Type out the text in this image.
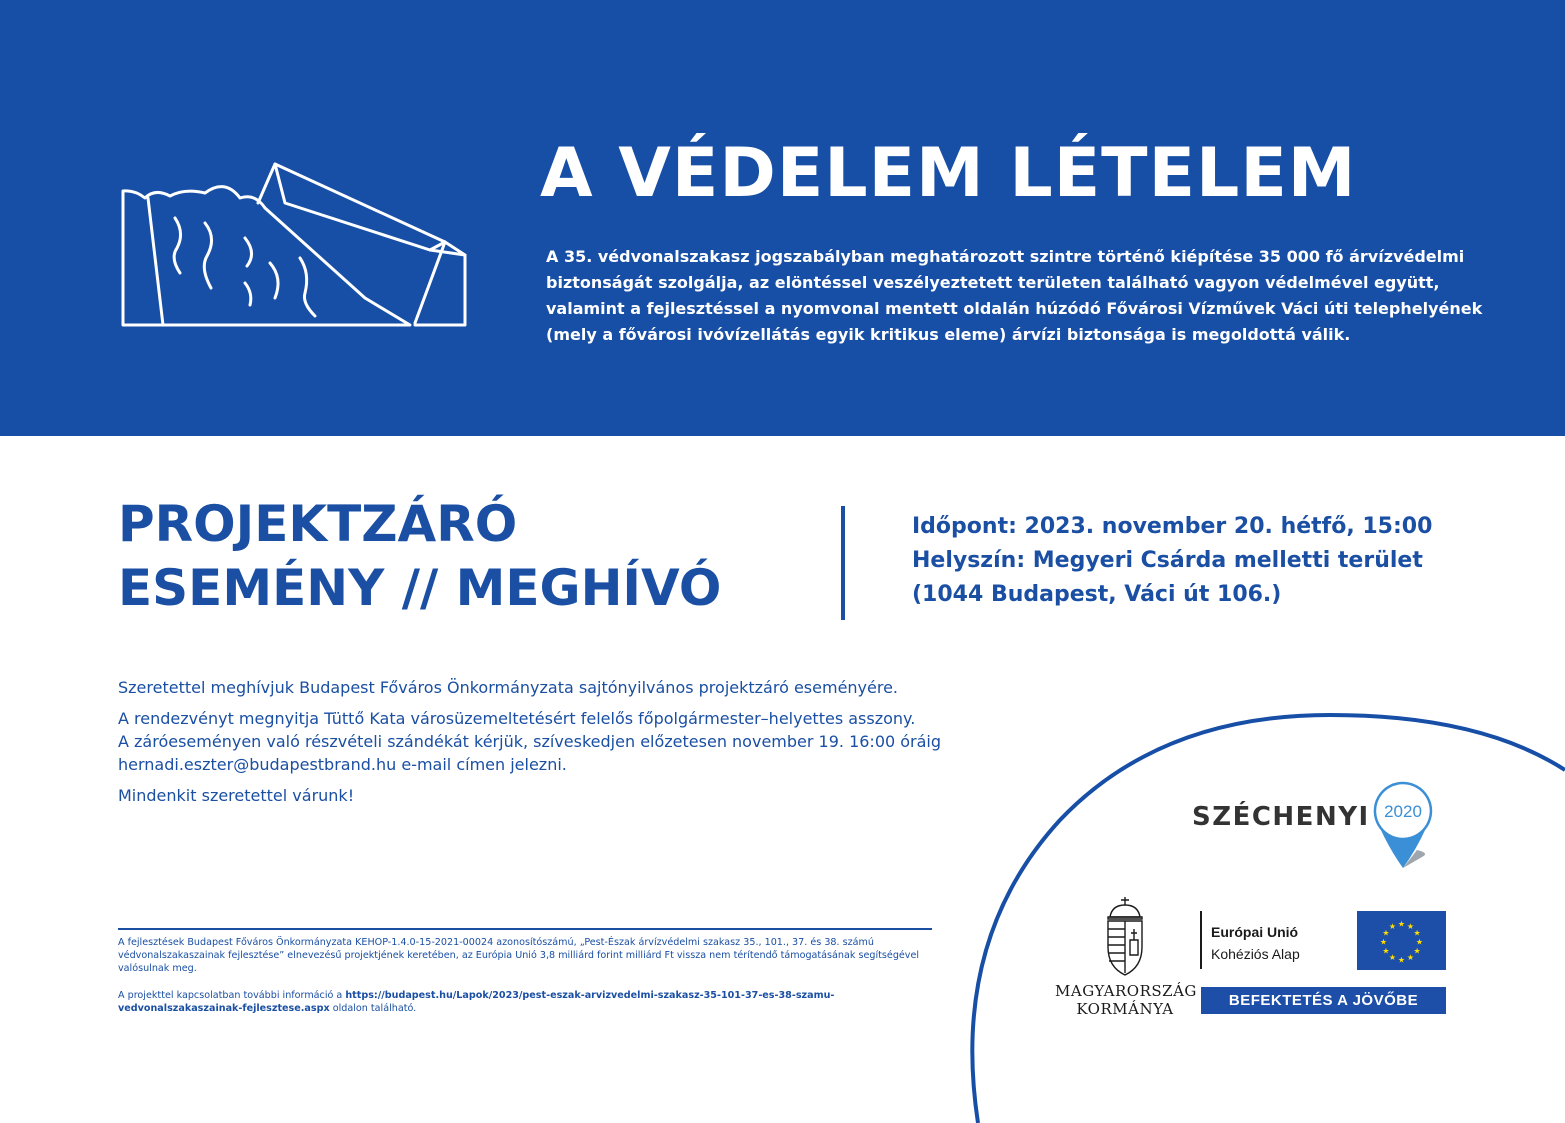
A VÉDELEM LÉTELEM

A 35. védvonalszakasz jogszabályban meghatározott szintre történő kiépítése 35 000 fő árvízvédelmi biztonságát szolgálja, az elöntéssel veszélyeztetett területen található vagyon védelmével együtt, valamint a fejlesztéssel a nyomvonal mentett oldalán húzódó Fővárosi Vízművek Váci úti telephelyének (mely a fővárosi ivóvízellátás egyik kritikus eleme) árvízi biztonsága is megoldottá válik.

PROJEKTZÁRÓ
ESEMÉNY // MEGHÍVÓ
Időpont: 2023. november 20. hétfő, 15:00
Helyszín: Megyeri Csárda melletti terület
(1044 Budapest, Váci út 106.)

Szeretettel meghívjuk Budapest Főváros Önkormányzata sajtónyilvános projektzáró eseményére.

A rendezvényt megnyitja Tüttő Kata városüzemeltetésért felelős főpolgármester–helyettes asszony.
A záróeseményen való részvételi szándékát kérjük, szíveskedjen előzetesen november 19. 16:00 óráig
hernadi.eszter@budapestbrand.hu e-mail címen jelezni.

Mindenkit szeretettel várunk!

A fejlesztések Budapest Főváros Önkormányzata KEHOP-1.4.0-15-2021-00024 azonosítószámú, „Pest-Észak árvízvédelmi szakasz 35., 101., 37. és 38. számú védvonalszakaszainak fejlesztése” elnevezésű projektjének keretében, az Európia Unió 3,8 milliárd forint milliárd Ft vissza nem térítendő támogatásának segítségével valósulnak meg.

A projekttel kapcsolatban további információ a https://budapest.hu/Lapok/2023/pest-eszak-arvizvedelmi-szakasz-35-101-37-es-38-szamu-vedvonalszakaszainak-fejlesztese.aspx oldalon található.

SZÉCHENYI 2020
MAGYARORSZÁG
KORMÁNYA
Európai Unió
Kohéziós Alap
★ ★
★
★
★
★
★
★
★
★
★
★
BEFEKTETÉS A JÖVŐBE
